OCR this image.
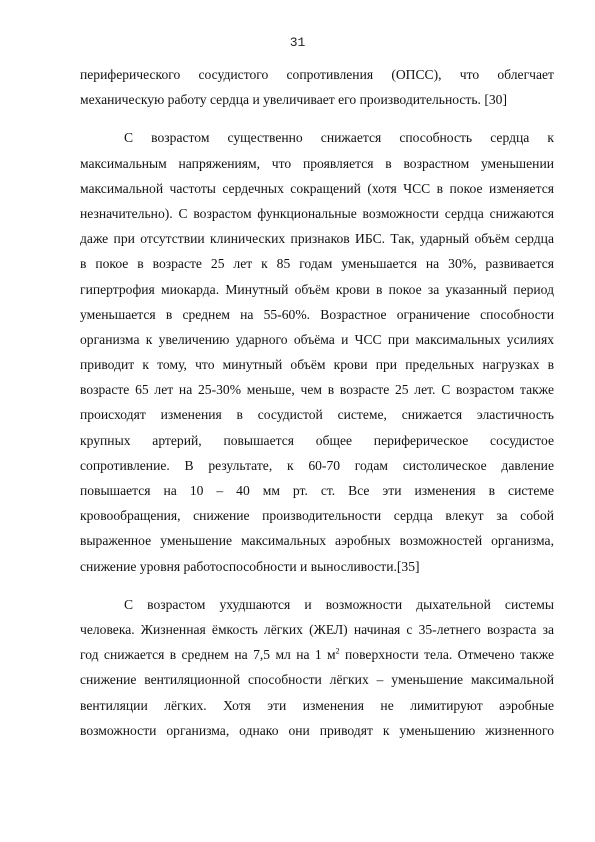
31
периферического сосудистого сопротивления (ОПСС), что облегчает
механическую работу сердца и увеличивает его производительность. [30]
С возрастом существенно снижается способность сердца к
максимальным напряжениям, что проявляется в возрастном уменьшении
максимальной частоты сердечных сокращений (хотя ЧСС в покое изменяется
незначительно). С возрастом функциональные возможности сердца снижаются
даже при отсутствии клинических признаков ИБС. Так, ударный объём сердца
в покое в возрасте 25 лет к 85 годам уменьшается на 30%, развивается
гипертрофия миокарда. Минутный объём крови в покое за указанный период
уменьшается в среднем на 55-60%. Возрастное ограничение способности
организма к увеличению ударного объёма и ЧСС при максимальных усилиях
приводит к тому, что минутный объём крови при предельных нагрузках в
возрасте 65 лет на 25-30% меньше, чем в возрасте 25 лет. С возрастом также
происходят изменения в сосудистой системе, снижается эластичность
крупных артерий, повышается общее периферическое сосудистое
сопротивление. В результате, к 60-70 годам систолическое давление
повышается на 10 – 40 мм рт. ст. Все эти изменения в системе
кровообращения, снижение производительности сердца влекут за собой
выраженное уменьшение максимальных аэробных возможностей организма,
снижение уровня работоспособности и выносливости.[35]
С возрастом ухудшаются и возможности дыхательной системы
человека. Жизненная ёмкость лёгких (ЖЕЛ) начиная с 35-летнего возраста за
год снижается в среднем на 7,5 мл на 1 $м^2$ поверхности тела. Отмечено также
снижение вентиляционной способности лёгких – уменьшение максимальной
вентиляции лёгких. Хотя эти изменения не лимитируют аэробные
возможности организма, однако они приводят к уменьшению жизненного
